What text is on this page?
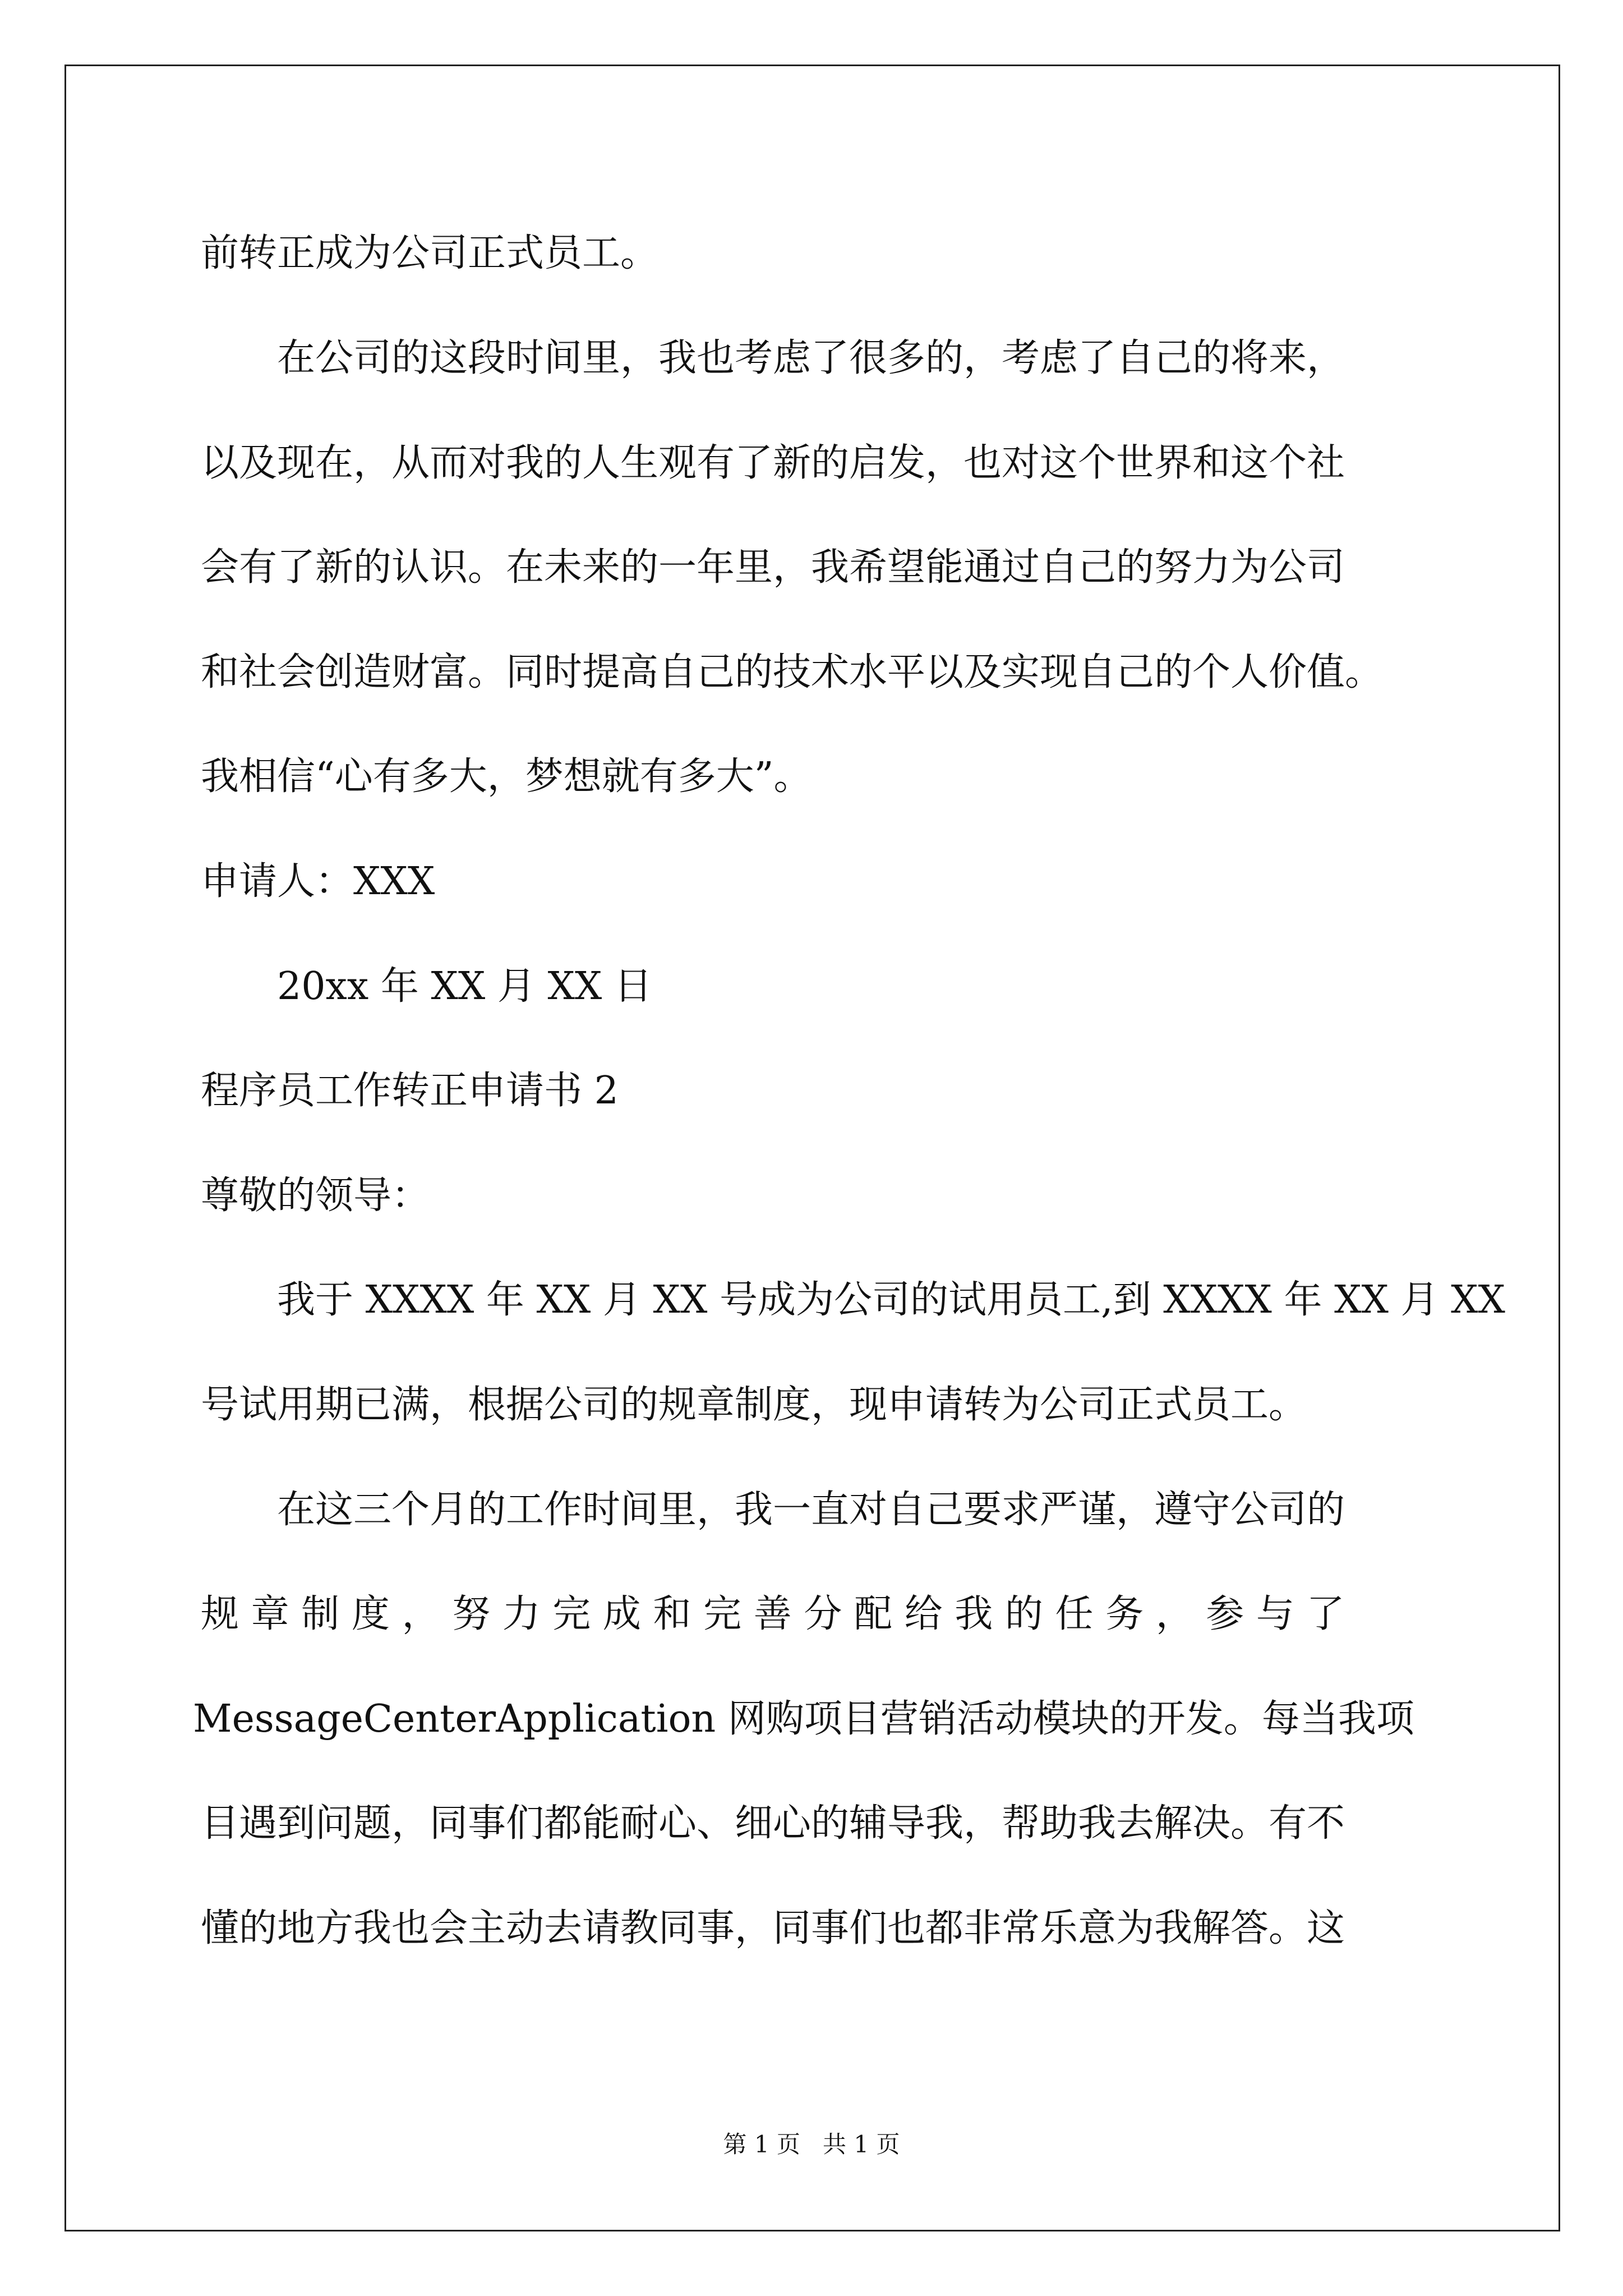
前转正成为公司正式员工。
在公司的这段时间里，我也考虑了很多的，考虑了自己的将来，
以及现在，从而对我的人生观有了新的启发，也对这个世界和这个社
会有了新的认识。在未来的一年里，我希望能通过自己的努力为公司
和社会创造财富。同时提高自己的技术水平以及实现自己的个人价值。
我相信“心有多大，梦想就有多大”。
申请人：XXX
20xx 年 XX 月 XX 日
程序员工作转正申请书 2
尊敬的领导：
我于 XXXX 年 XX 月 XX 号成为公司的试用员工,到 XXXX 年 XX 月 XX
号试用期已满，根据公司的规章制度，现申请转为公司正式员工。
在这三个月的工作时间里，我一直对自己要求严谨，遵守公司的
规 章 制 度 ， 努 力 完 成 和 完 善 分 配 给 我 的 任 务 ， 参 与 了
MessageCenterApplication 网购项目营销活动模块的开发。每当我项
目遇到问题，同事们都能耐心、细心的辅导我，帮助我去解决。有不
懂的地方我也会主动去请教同事，同事们也都非常乐意为我解答。这
第 1 页   共 1 页
